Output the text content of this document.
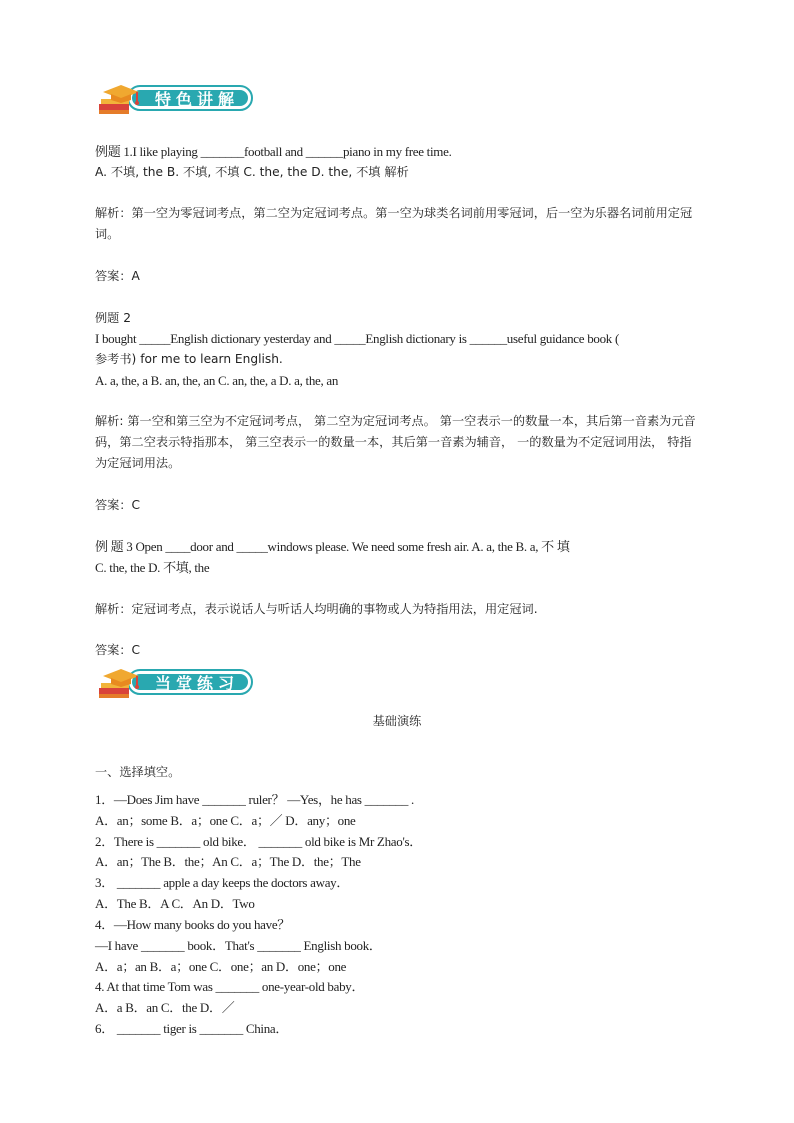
特色讲解
例题 1.I like playing _______football and ______piano in my free time.
A. 不填, the B. 不填, 不填 C. the, the D. the, 不填 解析
解析：第一空为零冠词考点，第二空为定冠词考点。第一空为球类名词前用零冠词，后一空为乐器名词前用定冠词。
答案：A
例题 2
I bought _____English dictionary yesterday and _____English dictionary is ______useful guidance book (
参考书) for me to learn English.
A. a, the, a B. an, the, an C. an, the, a D. a, the, an
解析: 第一空和第三空为不定冠词考点， 第二空为定冠词考点。 第一空表示一的数量一本，其后第一音素为元音码，第二空表示特指那本， 第三空表示一的数量一本，其后第一音素为辅音， 一的数量为不定冠词用法， 特指为定冠词用法。
答案：C
例 题 3 Open ____door and _____windows please. We need some fresh air. A. a, the B. a, 不 填
C. the, the D. 不填, the
解析：定冠词考点，表示说话人与听话人均明确的事物或人为特指用法，用定冠词.
答案：C
当堂练习
基础演练
一、选择填空。
1．—Does Jim have _______ ruler？ —Yes，he has _______ .
A．an；some B．a；one C．a；／ D．any；one
2．There is _______ old bike． _______ old bike is Mr Zhao's．
A．an；The B．the；An C．a；The D．the；The
3． _______ apple a day keeps the doctors away．
A．The B．A C．An D．Two
4．—How many books do you have？
—I have _______ book．That's _______ English book．
A．a；an B．a；one C．one；an D．one；one
4. At that time Tom was _______ one-year-old baby．
A．a B．an C．the D．／
6． _______ tiger is _______ China．
